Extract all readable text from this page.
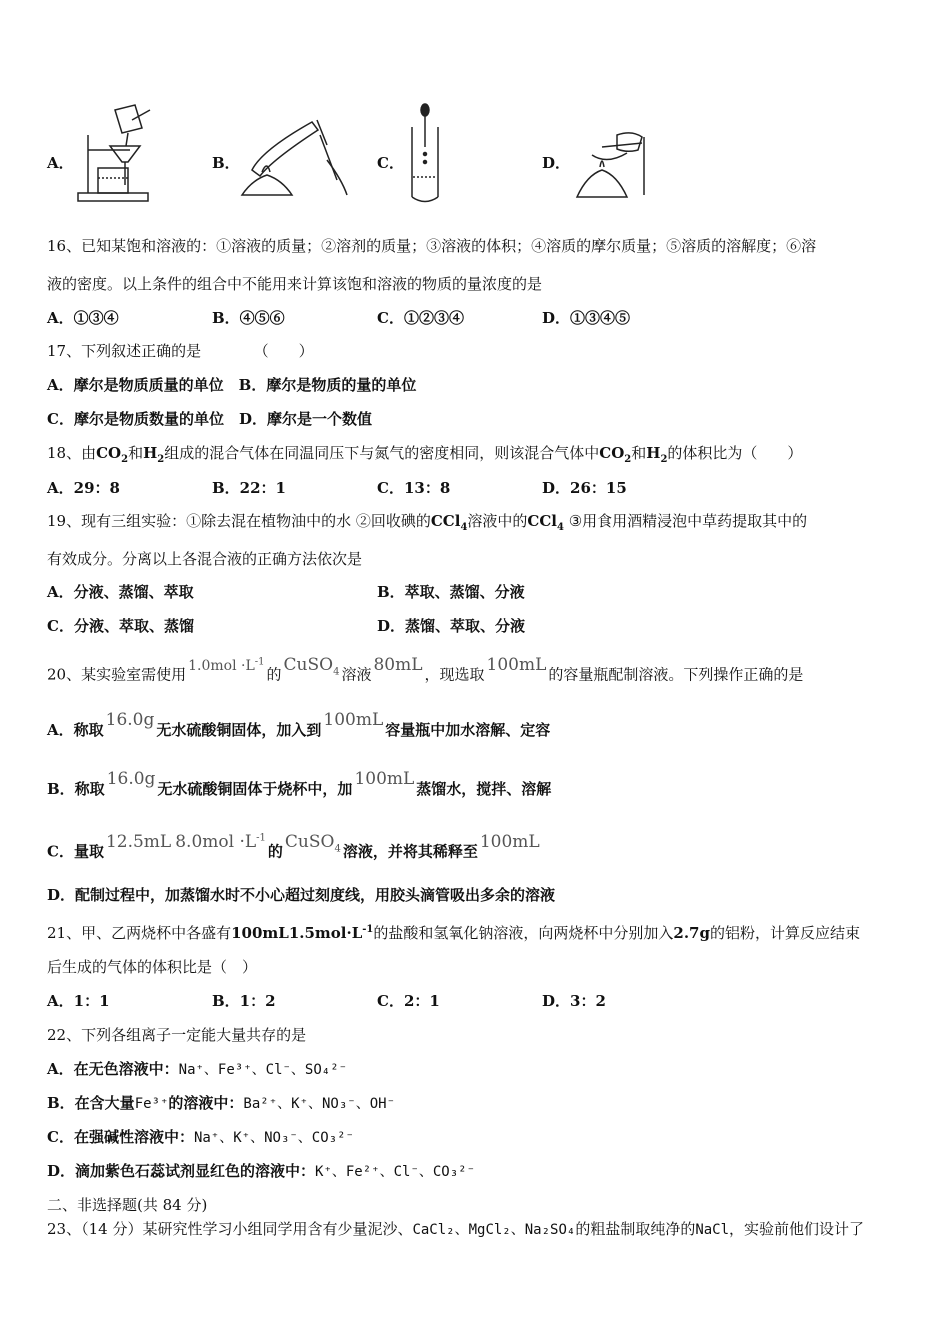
A．	B．	C．	D．
16、已知某饱和溶液的：①溶液的质量；②溶剂的质量；③溶液的体积；④溶质的摩尔质量；⑤溶质的溶解度；⑥溶
液的密度。以上条件的组合中不能用来计算该饱和溶液的物质的量浓度的是
A．①③④	B．④⑤⑥	C．①②③④	D．①③④⑤
17、下列叙述正确的是　　　　（　　）
A．摩尔是物质质量的单位　B．摩尔是物质的量的单位
C．摩尔是物质数量的单位　D．摩尔是一个数值
18、由$CO_2$和$H_2$组成的混合气体在同温同压下与氮气的密度相同，则该混合气体中$CO_2$和$H_2$的体积比为（　　）
A．29：8	B．22：1	C．13：8	D．26：15
19、现有三组实验：①除去混在植物油中的水 ②回收碘的CCl$_4$溶液中的CCl$_4$ ③用食用酒精浸泡中草药提取其中的
有效成分。分离以上各混合液的正确方法依次是
A．分液、蒸馏、萃取	B．萃取、蒸馏、分液
C．分液、萃取、蒸馏	D．蒸馏、萃取、分液
20、某实验室需使用 $1.0mol \cdot L^{-1}$的 CuSO$_4$ 溶液 80mL ，现选取 100mL 的容量瓶配制溶液。下列操作正确的是
A．称取 16.0g 无水硫酸铜固体，加入到 100mL 容量瓶中加水溶解、定容
B．称取 16.0g 无水硫酸铜固体于烧杯中，加 100mL 蒸馏水，搅拌、溶解
C．量取 12.5mL $8.0mol \cdot L^{-1}$的 CuSO$_4$ 溶液，并将其稀释至 100mL
D．配制过程中，加蒸馏水时不小心超过刻度线，用胶头滴管吸出多余的溶液
21、甲、乙两烧杯中各盛有$100mL1.5mol\cdot L^{-1}$的盐酸和氢氧化钠溶液，向两烧杯中分别加入2.7g的铝粉，计算反应结束
后生成的气体的体积比是（　）
A．1：1	B．1：2	C．2：1	D．3：2
22、下列各组离子一定能大量共存的是
A．在无色溶液中：Na⁺、Fe³⁺、Cl⁻、SO₄²⁻
B．在含大量Fe³⁺的溶液中：Ba²⁺、K⁺、NO₃⁻、OH⁻
C．在强碱性溶液中：Na⁺、K⁺、NO₃⁻、CO₃²⁻
D．滴加紫色石蕊试剂显红色的溶液中：K⁺、Fe²⁺、Cl⁻、CO₃²⁻
二、非选择题(共 84 分)
23、（14 分）某研究性学习小组同学用含有少量泥沙、CaCl₂、MgCl₂、Na₂SO₄的粗盐制取纯净的NaCl，实验前他们设计了
